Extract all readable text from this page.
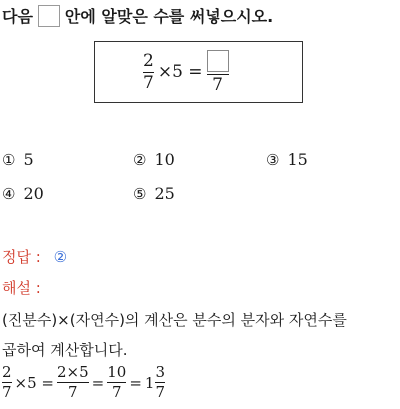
다음 안에 알맞은 수를 써넣으시오.
$\frac{2}{7} \times 5$ =
7
① 5	② 10	③ 15
④ 20	⑤ 25
정답 : ②
해설 :
(진분수)×(자연수)의 계산은 분수의 분자와 자연수를
곱하여 계산합니다.
$\frac{2}{7} \times 5 = \frac{2\times 5}{7} = \frac{10}{7} = 1 \frac{3}{7}$
